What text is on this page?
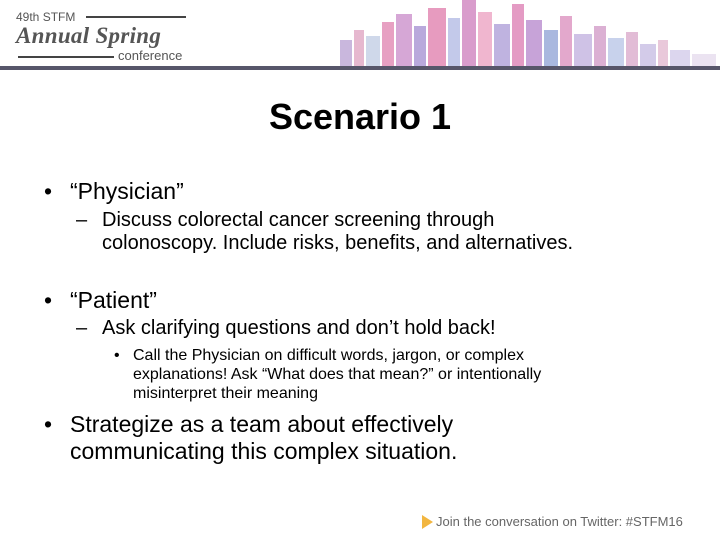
49th STFM
Annual Spring
conference
Scenario 1
• “Physician”
– Discuss colorectal cancer screening through
colonoscopy. Include risks, benefits, and alternatives.
• “Patient”
– Ask clarifying questions and don’t hold back!
• Call the Physician on difficult words, jargon, or complex
explanations! Ask “What does that mean?” or intentionally
misinterpret their meaning
• Strategize as a team about effectively
communicating this complex situation.
Join the conversation on Twitter: #STFM16
